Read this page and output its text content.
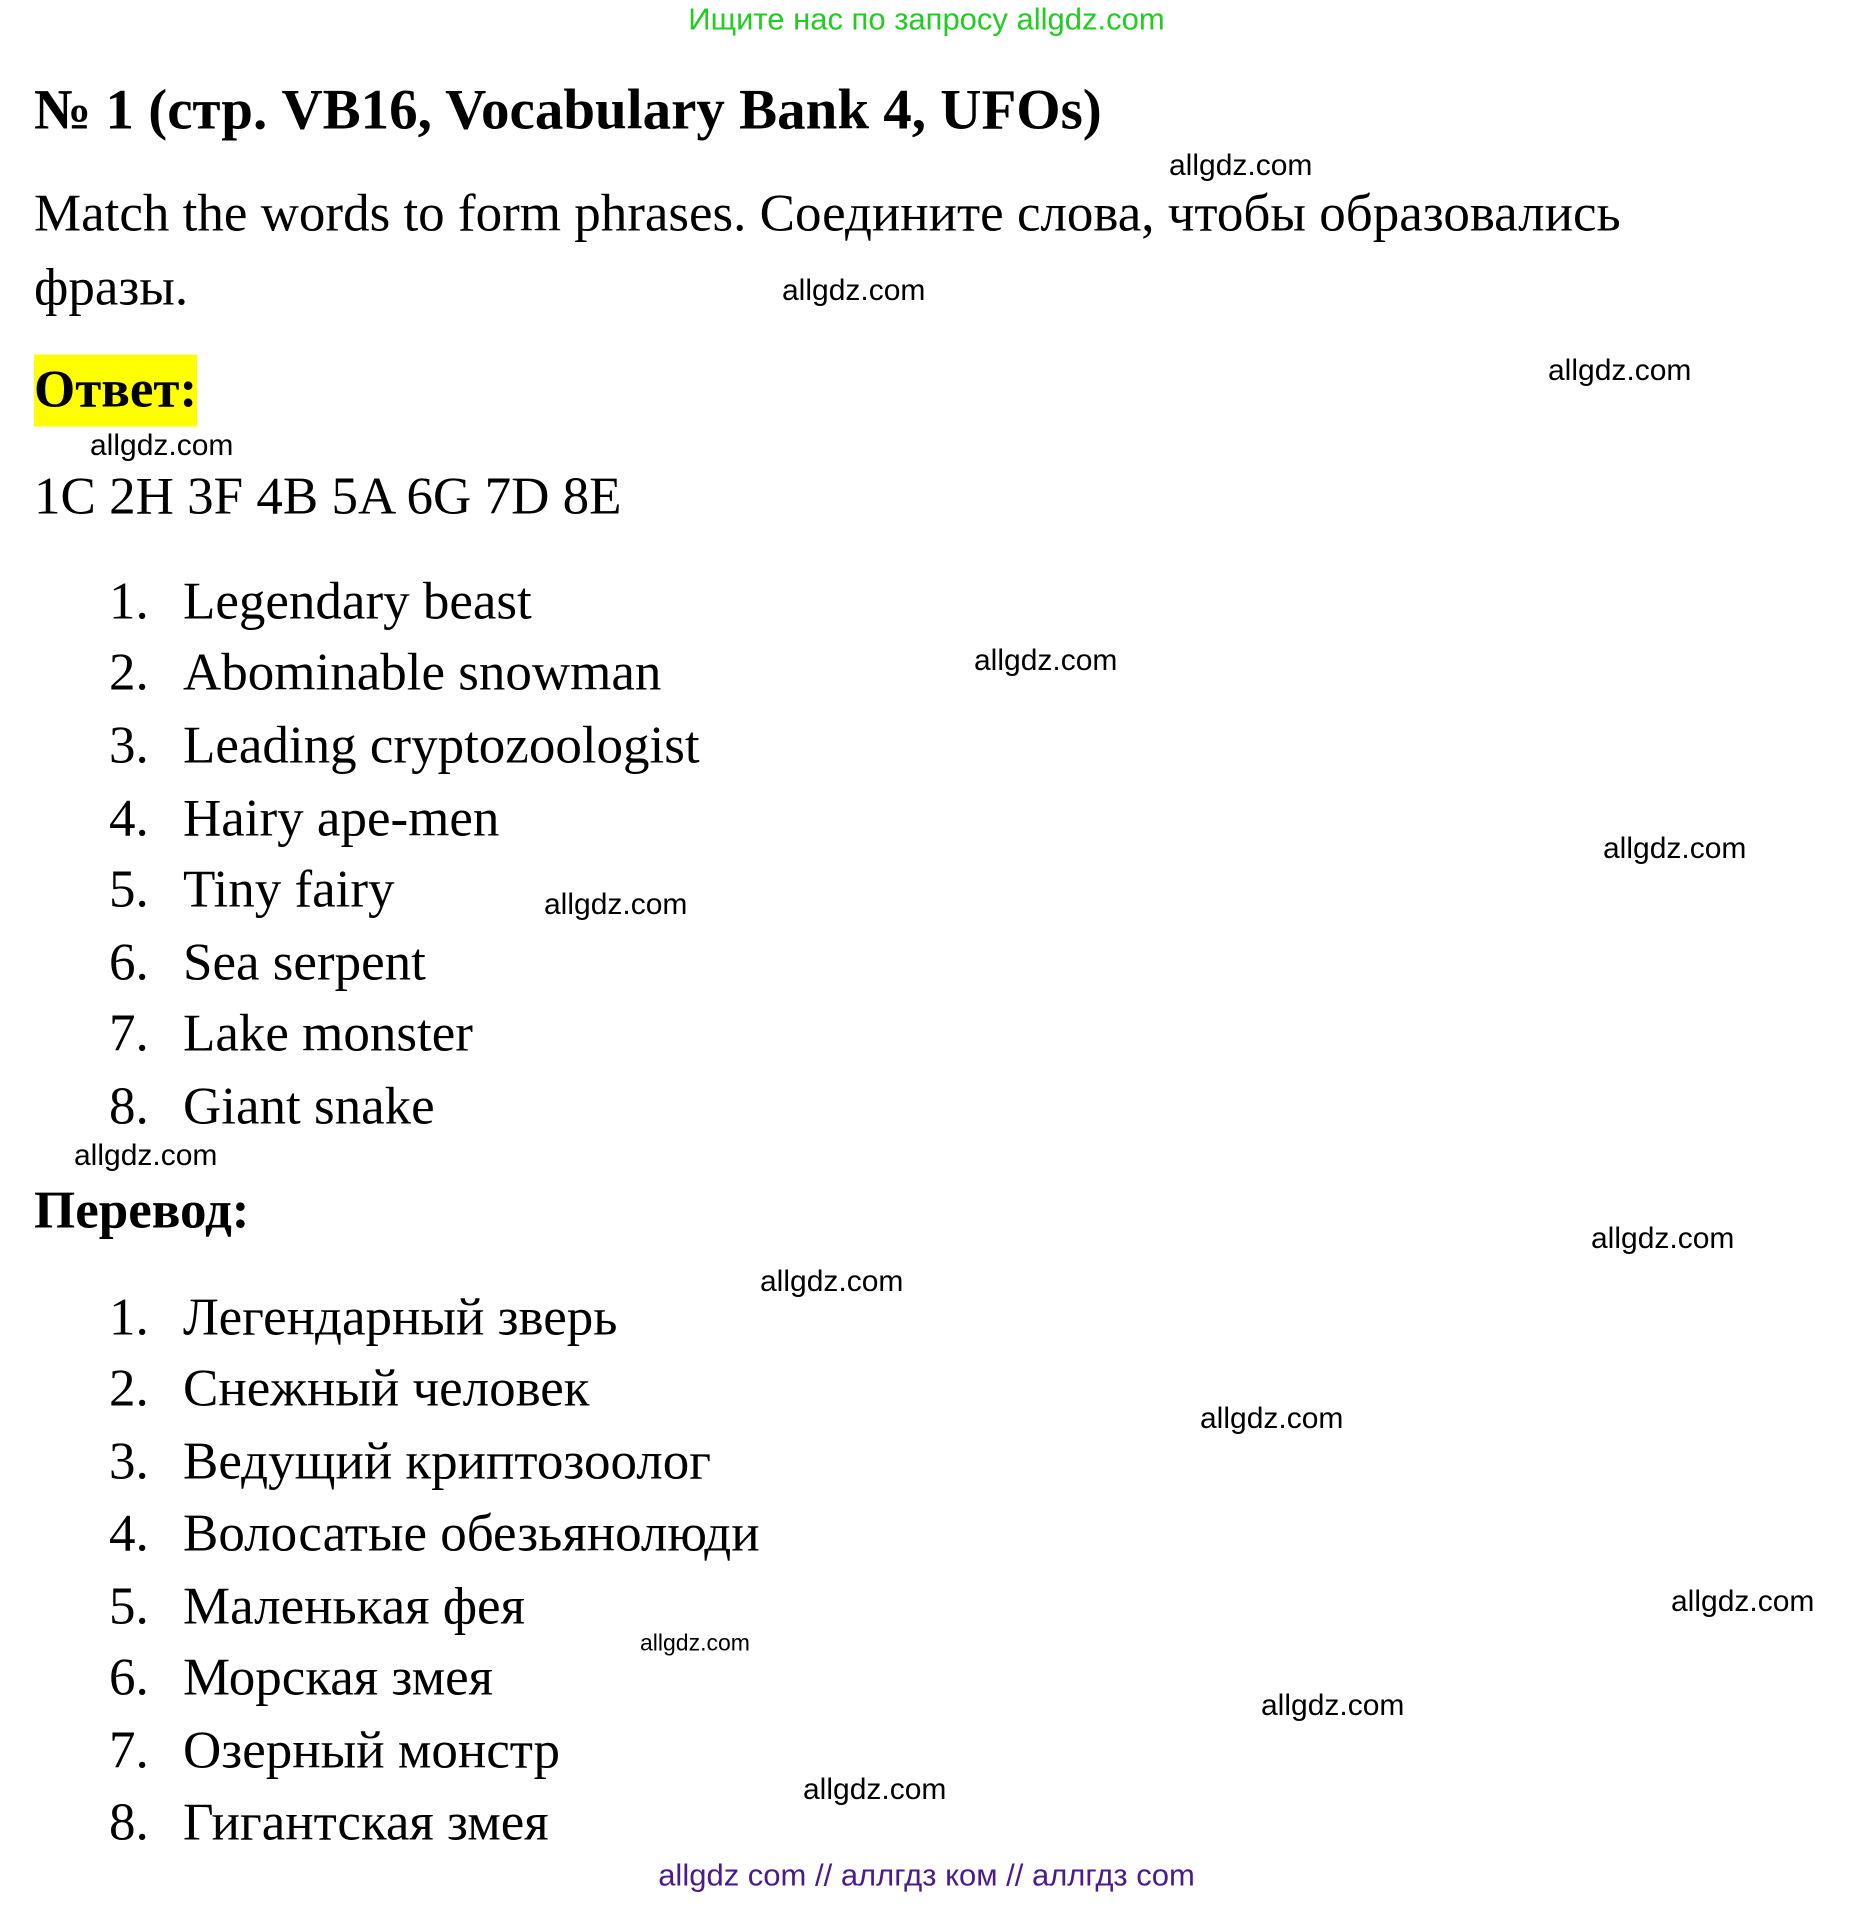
Ищите нас по запросу allgdz.com
№ 1 (стр. VB16, Vocabulary Bank 4, UFOs)
Match the words to form phrases. Соедините слова, чтобы образовались
фразы.
Ответ:
1C 2H 3F 4B 5A 6G 7D 8E
1. Legendary beast
2. Abominable snowman
3. Leading cryptozoologist
4. Hairy ape-men
5. Tiny fairy
6. Sea serpent
7. Lake monster
8. Giant snake
Перевод:
1. Легендарный зверь
2. Снежный человек
3. Ведущий криптозоолог
4. Волосатые обезьянолюди
5. Маленькая фея
6. Морская змея
7. Озерный монстр
8. Гигантская змея
allgdz.com
allgdz.com
allgdz.com
allgdz.com
allgdz.com
allgdz.com
allgdz.com
allgdz.com
allgdz.com
allgdz.com
allgdz.com
allgdz.com
allgdz.com
allgdz.com
allgdz.com
allgdz com // аллгдз ком // аллгдз com
